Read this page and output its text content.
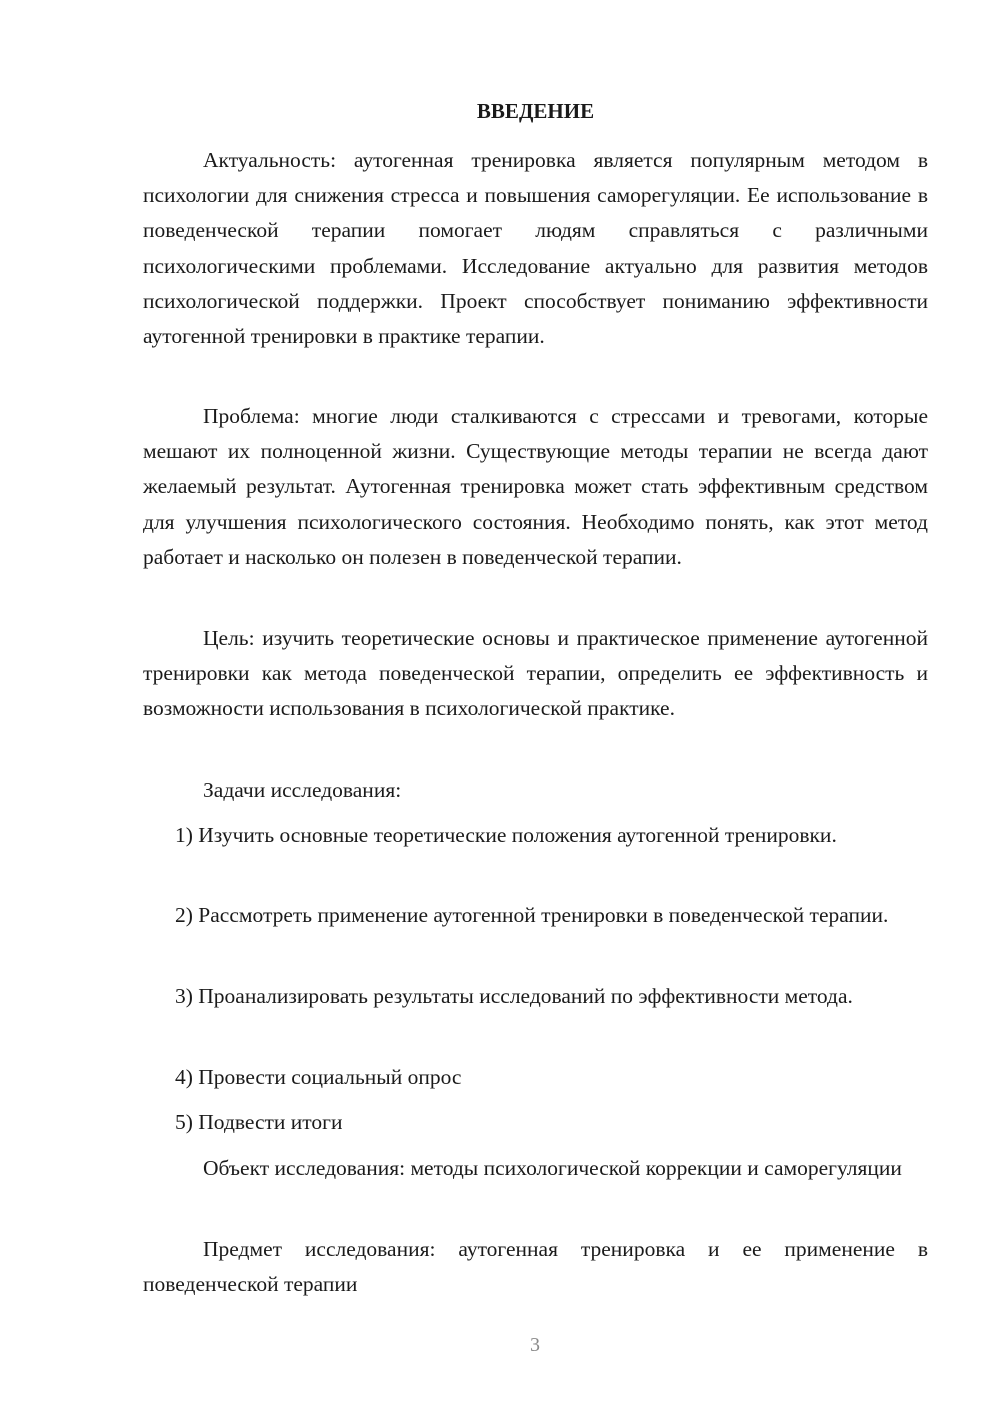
ВВЕДЕНИЕ

Актуальность: аутогенная тренировка является популярным методом в психологии для снижения стресса и повышения саморегуляции. Ее использование в поведенческой терапии помогает людям справляться с различными психологическими проблемами. Исследование актуально для развития методов психологической поддержки. Проект способствует пониманию эффективности аутогенной тренировки в практике терапии.

Проблема: многие люди сталкиваются с стрессами и тревогами, которые мешают их полноценной жизни. Существующие методы терапии не всегда дают желаемый результат. Аутогенная тренировка может стать эффективным средством для улучшения психологического состояния. Необходимо понять, как этот метод работает и насколько он полезен в поведенческой терапии.

Цель: изучить теоретические основы и практическое применение аутогенной тренировки как метода поведенческой терапии, определить ее эффективность и возможности использования в психологической практике.

Задачи исследования:

1) Изучить основные теоретические положения аутогенной тренировки.

2) Рассмотреть применение аутогенной тренировки в поведенческой терапии.

3) Проанализировать результаты исследований по эффективности метода.

4) Провести социальный опрос

5) Подвести итоги

Объект исследования: методы психологической коррекции и саморегуляции

Предмет исследования: аутогенная тренировка и ее применение в поведенческой терапии

3
